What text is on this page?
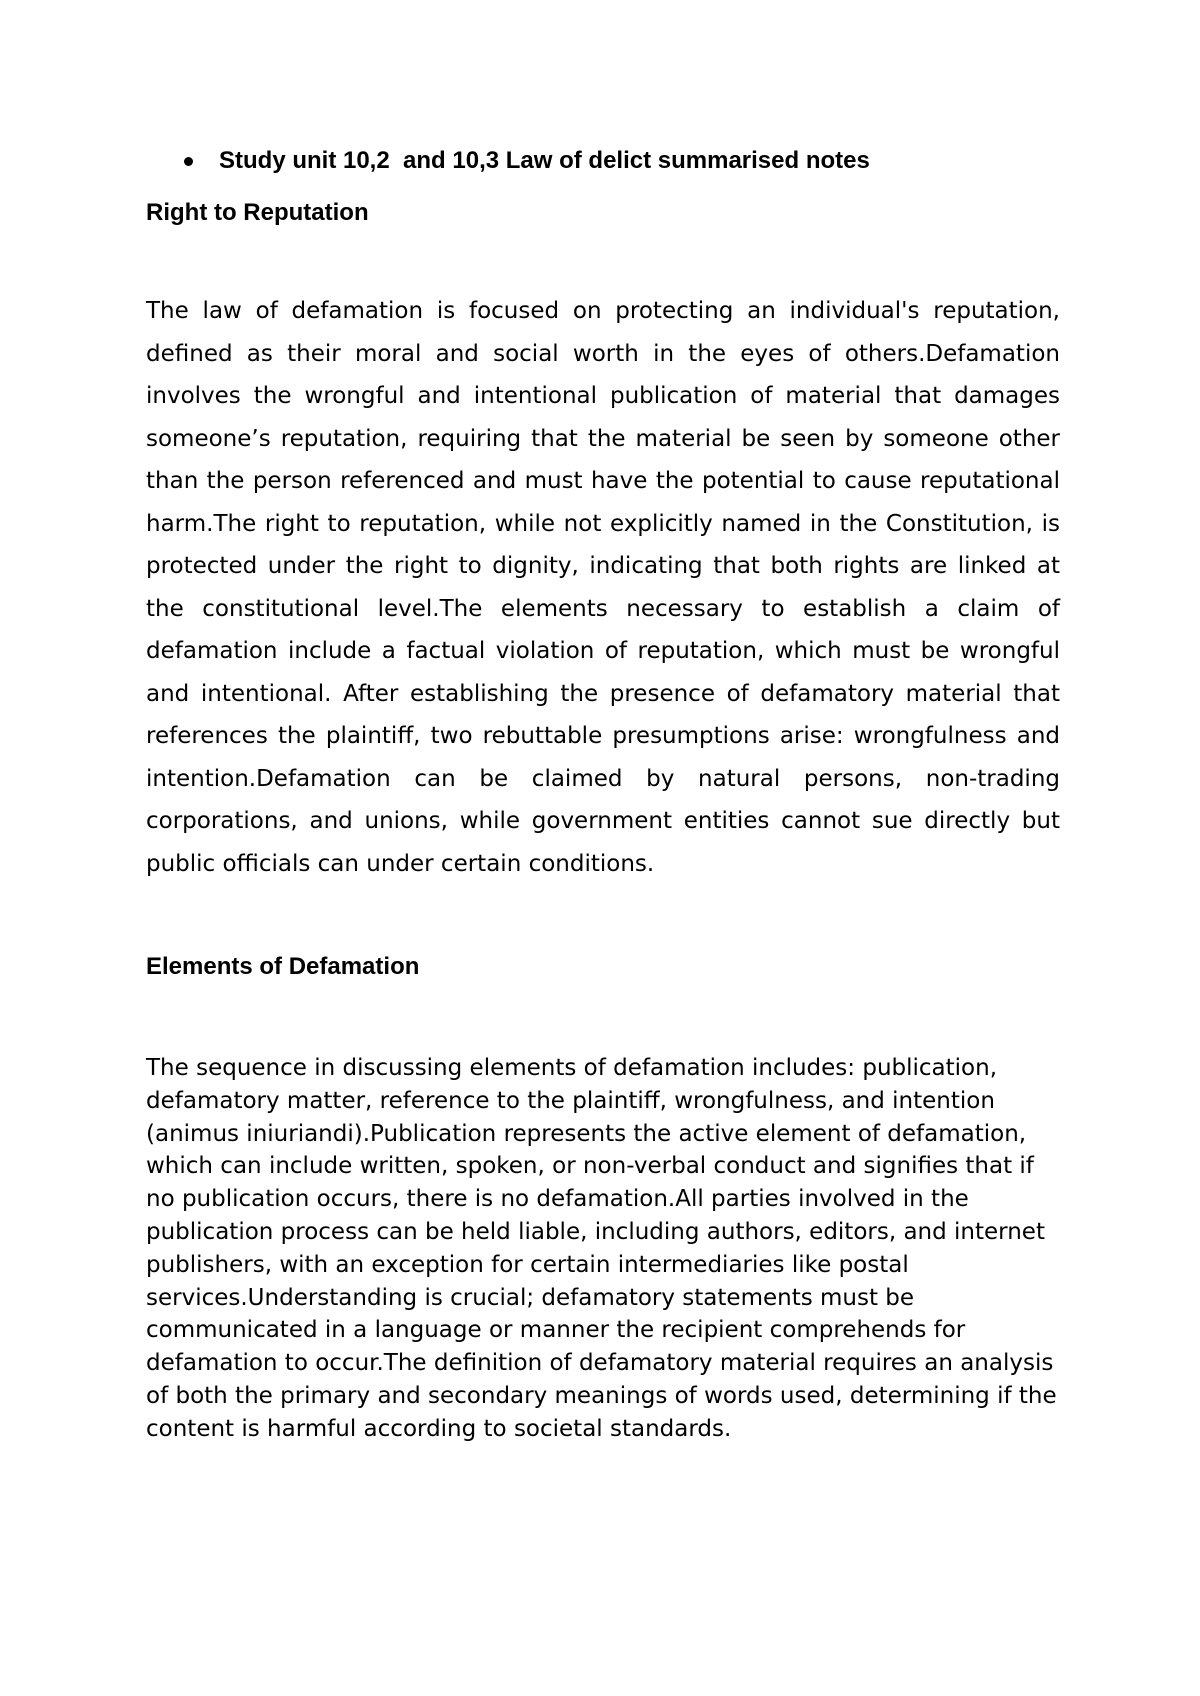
Study unit 10,2  and 10,3 Law of delict summarised notes
Right to Reputation

The law of defamation is focused on protecting an individual's reputation, defined as their moral and social worth in the eyes of others.Defamation involves the wrongful and intentional publication of material that damages someone’s reputation, requiring that the material be seen by someone other than the person referenced and must have the potential to cause reputational harm.The right to reputation, while not explicitly named in the Constitution, is protected under the right to dignity, indicating that both rights are linked at the constitutional level.The elements necessary to establish a claim of defamation include a factual violation of reputation, which must be wrongful and intentional. After establishing the presence of defamatory material that references the plaintiff, two rebuttable presumptions arise: wrongfulness and intention.Defamation can be claimed by natural persons, non-trading corporations, and unions, while government entities cannot sue directly but public officials can under certain conditions.

Elements of Defamation

The sequence in discussing elements of defamation includes: publication, defamatory matter, reference to the plaintiff, wrongfulness, and intention (animus iniuriandi).Publication represents the active element of defamation, which can include written, spoken, or non-verbal conduct and signifies that if no publication occurs, there is no defamation.All parties involved in the publication process can be held liable, including authors, editors, and internet publishers, with an exception for certain intermediaries like postal services.Understanding is crucial; defamatory statements must be communicated in a language or manner the recipient comprehends for defamation to occur.The definition of defamatory material requires an analysis of both the primary and secondary meanings of words used, determining if the content is harmful according to societal standards.
